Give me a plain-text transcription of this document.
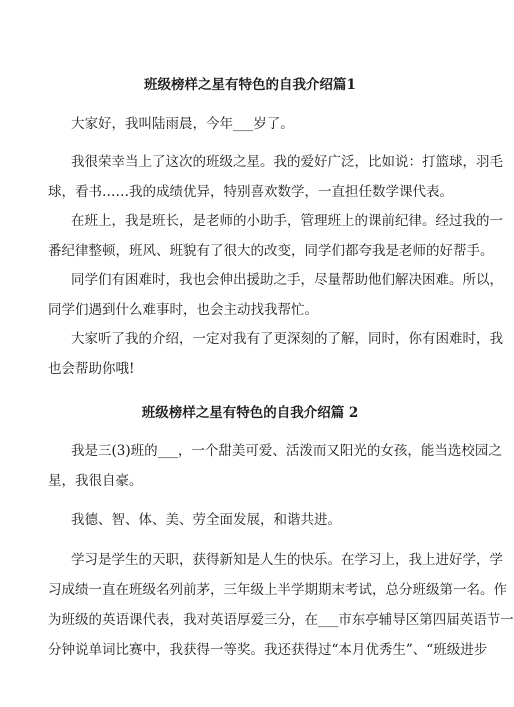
班级榜样之星有特色的自我介绍篇1

大家好，我叫陆雨晨，今年___岁了。

我很荣幸当上了这次的班级之星。我的爱好广泛，比如说：打篮球，羽毛
球，看书……我的成绩优异，特别喜欢数学，一直担任数学课代表。

在班上，我是班长，是老师的小助手，管理班上的课前纪律。经过我的一
番纪律整顿，班风、班貌有了很大的改变，同学们都夸我是老师的好帮手。

同学们有困难时，我也会伸出援助之手，尽量帮助他们解决困难。所以，
同学们遇到什么难事时，也会主动找我帮忙。

大家听了我的介绍，一定对我有了更深刻的了解，同时，你有困难时，我
也会帮助你哦!

班级榜样之星有特色的自我介绍篇 2

我是三(3)班的___，一个甜美可爱、活泼而又阳光的女孩，能当选校园之
星，我很自豪。

我德、智、体、美、劳全面发展，和谐共进。

学习是学生的天职，获得新知是人生的快乐。在学习上，我上进好学，学
习成绩一直在班级名列前茅，三年级上半学期期末考试，总分班级第一名。作
为班级的英语课代表，我对英语厚爱三分，在___市东亭辅导区第四届英语节一
分钟说单词比赛中，我获得一等奖。我还获得过“本月优秀生”、“班级进步
